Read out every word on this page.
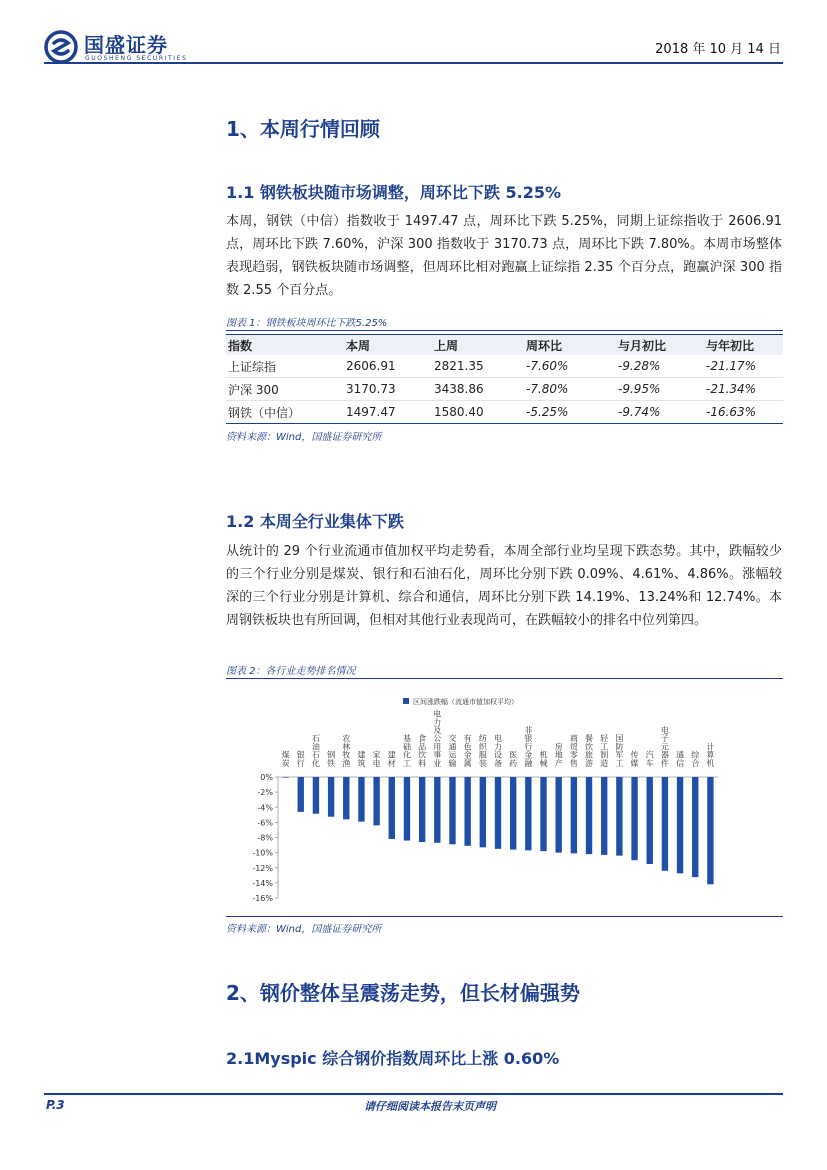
国盛证券
GUOSHENG SECURITIES
2018 年 10 月 14 日
1、本周行情回顾
1.1 钢铁板块随市场调整，周环比下跌 5.25%
本周，钢铁（中信）指数收于 1497.47 点，周环比下跌 5.25%，同期上证综指收于 2606.91 点，周环比下跌 7.60%，沪深 300 指数收于 3170.73 点，周环比下跌 7.80%。本周市场整体表现趋弱，钢铁板块随市场调整，但周环比相对跑赢上证综指 2.35 个百分点，跑赢沪深 300 指数 2.55 个百分点。
图表 1：钢铁板块周环比下跌5.25%
指数	本周	上周	周环比	与月初比	与年初比
上证综指	2606.91	2821.35	-7.60%	-9.28%	-21.17%
沪深 300	3170.73	3438.86	-7.80%	-9.95%	-21.34%
钢铁（中信）	1497.47	1580.40	-5.25%	-9.74%	-16.63%
资料来源：Wind，国盛证券研究所
1.2 本周全行业集体下跌
从统计的 29 个行业流通市值加权平均走势看，本周全部行业均呈现下跌态势。其中，跌幅较少的三个行业分别是煤炭、银行和石油石化，周环比分别下跌 0.09%、4.61%、4.86%。涨幅较深的三个行业分别是计算机、综合和通信，周环比分别下跌 14.19%、13.24%和 12.74%。本周钢铁板块也有所回调，但相对其他行业表现尚可，在跌幅较小的排名中位列第四。
图表 2：各行业走势排名情况
区间涨跌幅（流通市值加权平均）
0%
-2%
-4%
-6%
-8%
-10%
-12%
-14%
-16%
煤炭
银行
石油石化
钢铁
农林牧渔
建筑
家电
建材
基础化工
食品饮料
电力及公用事业
交通运输
有色金属
纺织服装
电力设备
医药
非银行金融
机械
房地产
商贸零售
餐饮旅游
轻工制造
国防军工
传媒
汽车
电子元器件
通信
综合
计算机
资料来源：Wind，国盛证券研究所
2、钢价整体呈震荡走势，但长材偏强势
2.1Myspic 综合钢价指数周环比上涨 0.60%
P.3	请仔细阅读本报告末页声明
